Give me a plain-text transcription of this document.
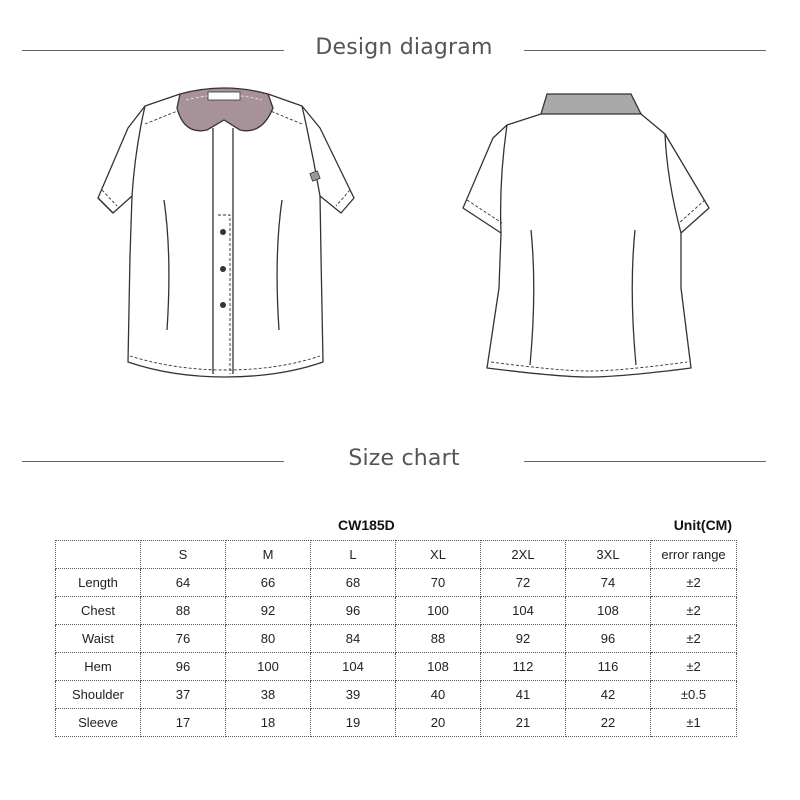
Design diagram
Size chart
CW185D	Unit(CM)
	S	M	L	XL	2XL	3XL	error range
Length	64	66	68	70	72	74	±2
Chest	88	92	96	100	104	108	±2
Waist	76	80	84	88	92	96	±2
Hem	96	100	104	108	112	116	±2
Shoulder	37	38	39	40	41	42	±0.5
Sleeve	17	18	19	20	21	22	±1
